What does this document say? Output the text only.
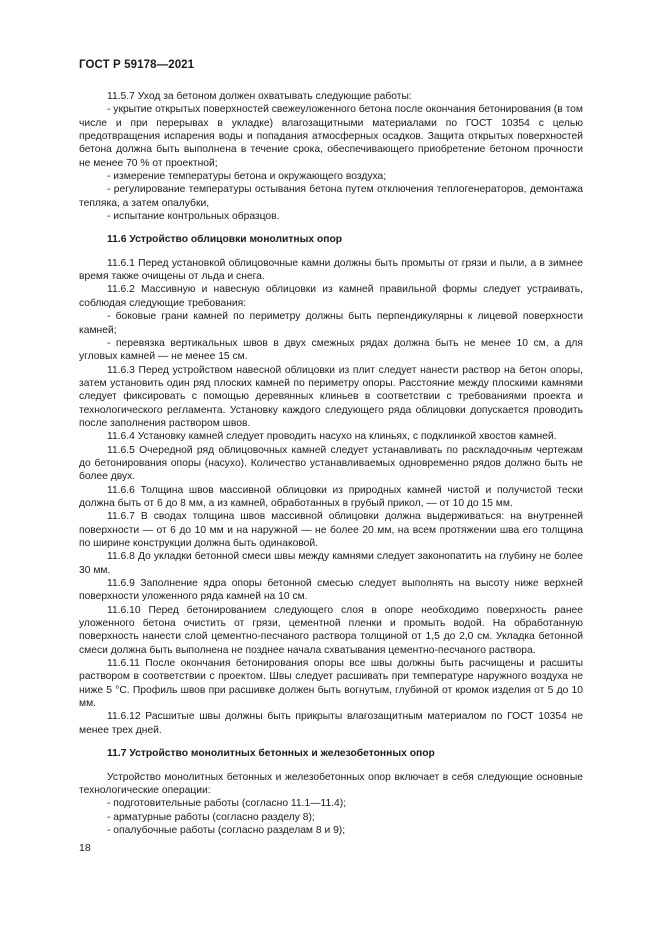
ГОСТ Р 59178—2021

11.5.7 Уход за бетоном должен охватывать следующие работы:

- укрытие открытых поверхностей свежеуложенного бетона после окончания бетонирования (в том числе и при перерывах в укладке) влагозащитными материалами по ГОСТ 10354 с целью предотвращения испарения воды и попадания атмосферных осадков. Защита открытых поверхностей бетона должна быть выполнена в течение срока, обеспечивающего приобретение бетоном прочности не менее 70 % от проектной;

- измерение температуры бетона и окружающего воздуха;

- регулирование температуры остывания бетона путем отключения теплогенераторов, демонтажа тепляка, а затем опалубки,

- испытание контрольных образцов.

11.6 Устройство облицовки монолитных опор

11.6.1 Перед установкой облицовочные камни должны быть промыты от грязи и пыли, а в зимнее время также очищены от льда и снега.

11.6.2 Массивную и навесную облицовки из камней правильной формы следует устраивать, соблюдая следующие требования:

- боковые грани камней по периметру должны быть перпендикулярны к лицевой поверхности камней;

- перевязка вертикальных швов в двух смежных рядах должна быть не менее 10 см, а для угловых камней — не менее 15 см.

11.6.3 Перед устройством навесной облицовки из плит следует нанести раствор на бетон опоры, затем установить один ряд плоских камней по периметру опоры. Расстояние между плоскими камнями следует фиксировать с помощью деревянных клиньев в соответствии с требованиями проекта и технологического регламента. Установку каждого следующего ряда облицовки допускается проводить после заполнения раствором швов.

11.6.4 Установку камней следует проводить насухо на клиньях, с подклинкой хвостов камней.

11.6.5 Очередной ряд облицовочных камней следует устанавливать по раскладочным чертежам до бетонирования опоры (насухо). Количество устанавливаемых одновременно рядов должно быть не более двух.

11.6.6 Толщина швов массивной облицовки из природных камней чистой и получистой тески должна быть от 6 до 8 мм, а из камней, обработанных в грубый прикол, — от 10 до 15 мм.

11.6.7 В сводах толщина швов массивной облицовки должна выдерживаться: на внутренней поверхности — от 6 до 10 мм и на наружной — не более 20 мм, на всем протяжении шва его толщина по ширине конструкции должна быть одинаковой.

11.6.8 До укладки бетонной смеси швы между камнями следует законопатить на глубину не более 30 мм.

11.6.9 Заполнение ядра опоры бетонной смесью следует выполнять на высоту ниже верхней поверхности уложенного ряда камней на 10 см.

11.6.10 Перед бетонированием следующего слоя в опоре необходимо поверхность ранее уложенного бетона очистить от грязи, цементной пленки и промыть водой. На обработанную поверхность нанести слой цементно-песчаного раствора толщиной от 1,5 до 2,0 см. Укладка бетонной смеси должна быть выполнена не позднее начала схватывания цементно-песчаного раствора.

11.6.11 После окончания бетонирования опоры все швы должны быть расчищены и расшиты раствором в соответствии с проектом. Швы следует расшивать при температуре наружного воздуха не ниже 5 °С. Профиль швов при расшивке должен быть вогнутым, глубиной от кромок изделия от 5 до 10 мм.

11.6.12 Расшитые швы должны быть прикрыты влагозащитным материалом по ГОСТ 10354 не менее трех дней.

11.7 Устройство монолитных бетонных и железобетонных опор

Устройство монолитных бетонных и железобетонных опор включает в себя следующие основные технологические операции:

- подготовительные работы (согласно 11.1—11.4);

- арматурные работы (согласно разделу 8);

- опалубочные работы (согласно разделам 8 и 9);

18
